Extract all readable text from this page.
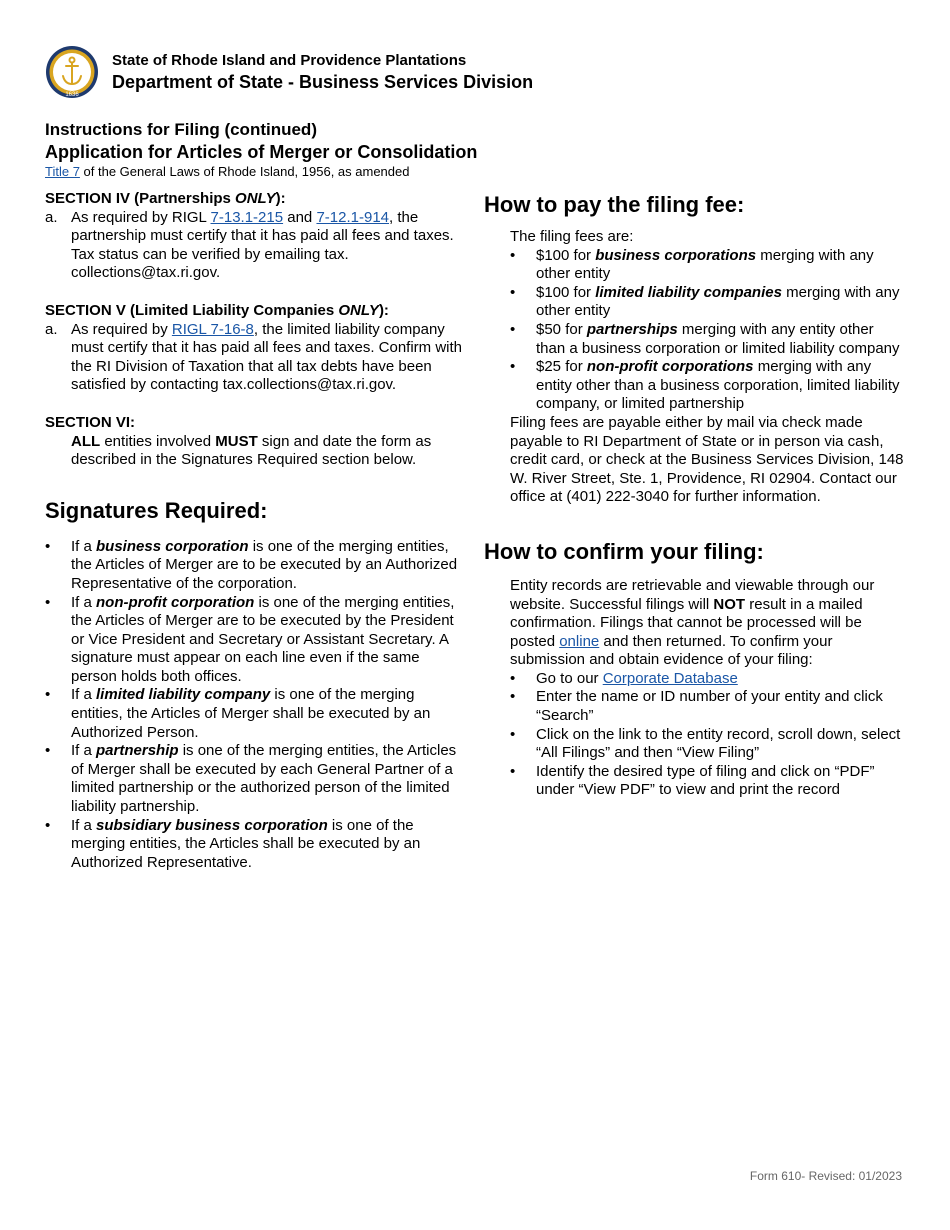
1636
State of Rhode Island and Providence Plantations
Department of State - Business Services Division
Instructions for Filing (continued)
Application for Articles of Merger or Consolidation
Title 7 of the General Laws of Rhode Island, 1956, as amended

SECTION IV (Partnerships ONLY):

a. As required by RIGL 7-13.1-215 and 7-12.1-914, the partnership must certify that it has paid all fees and taxes. Tax status can be verified by emailing tax. collections@tax.ri.gov.

SECTION V (Limited Liability Companies ONLY):

a. As required by RIGL 7-16-8, the limited liability company must certify that it has paid all fees and taxes. Confirm with the RI Division of Taxation that all tax debts have been satisfied by contacting tax.collections@tax.ri.gov.

SECTION VI:

ALL entities involved MUST sign and date the form as described in the Signatures Required section below.
Signatures Required:
•	If a business corporation is one of the merging entities, the Articles of Merger are to be executed by an Authorized Representative of the corporation.
•	If a non-profit corporation is one of the merging entities, the Articles of Merger are to be executed by the President or Vice President and Secretary or Assistant Secretary. A signature must appear on each line even if the same person holds both offices.
•	If a limited liability company is one of the merging entities, the Articles of Merger shall be executed by an Authorized Person.
•	If a partnership is one of the merging entities, the Articles of Merger shall be executed by each General Partner of a limited partnership or the authorized person of the limited liability partnership.
•	If a subsidiary business corporation is one of the merging entities, the Articles shall be executed by an Authorized Representative.
How to pay the filing fee:
The filing fees are:
•	$100 for business corporations merging with any other entity
•	$100 for limited liability companies merging with any other entity
•	$50 for partnerships merging with any entity other than a business corporation or limited liability company
•	$25 for non-profit corporations merging with any entity other than a business corporation, limited liability company, or limited partnership
Filing fees are payable either by mail via check made payable to RI Department of State or in person via cash, credit card, or check at the Business Services Division, 148 W. River Street, Ste. 1, Providence, RI 02904. Contact our office at (401) 222-3040 for further information.
How to confirm your filing:
Entity records are retrievable and viewable through our website. Successful filings will NOT result in a mailed confirmation. Filings that cannot be processed will be posted online and then returned. To confirm your submission and obtain evidence of your filing:
•	Go to our Corporate Database
•	Enter the name or ID number of your entity and click “Search”
•	Click on the link to the entity record, scroll down, select “All Filings” and then “View Filing”
•	Identify the desired type of filing and click on “PDF” under “View PDF” to view and print the record
Form 610- Revised: 01/2023
